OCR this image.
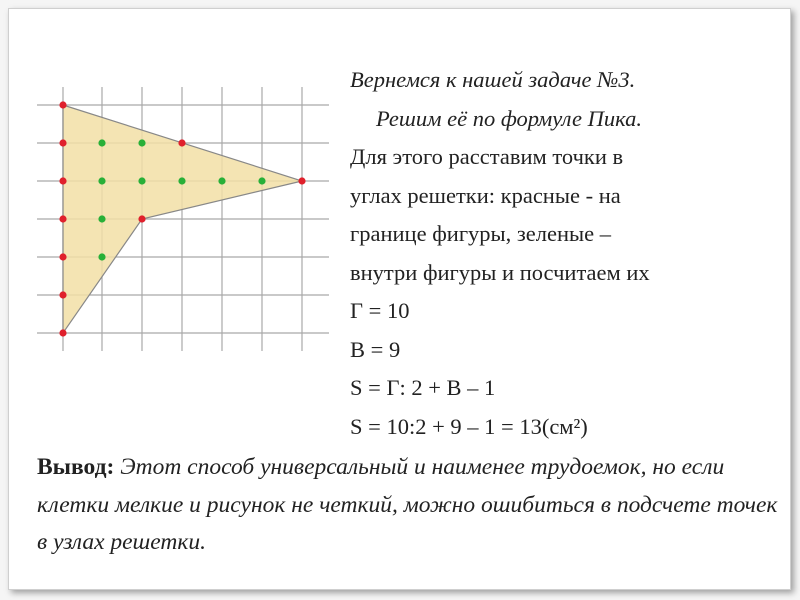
Вернемся к нашей задаче №3.
Решим её по формуле Пика.
Для этого расставим точки в
углах решетки: красные - на
границе фигуры, зеленые –
внутри фигуры и посчитаем их
Г = 10
В = 9
S = Г: 2 + В – 1
S = 10:2 + 9 – 1 = 13(см²)
Вывод: Этот способ универсальный и наименее трудоемок, но если клетки мелкие и рисунок не четкий, можно ошибиться в подсчете точек в узлах решетки.
